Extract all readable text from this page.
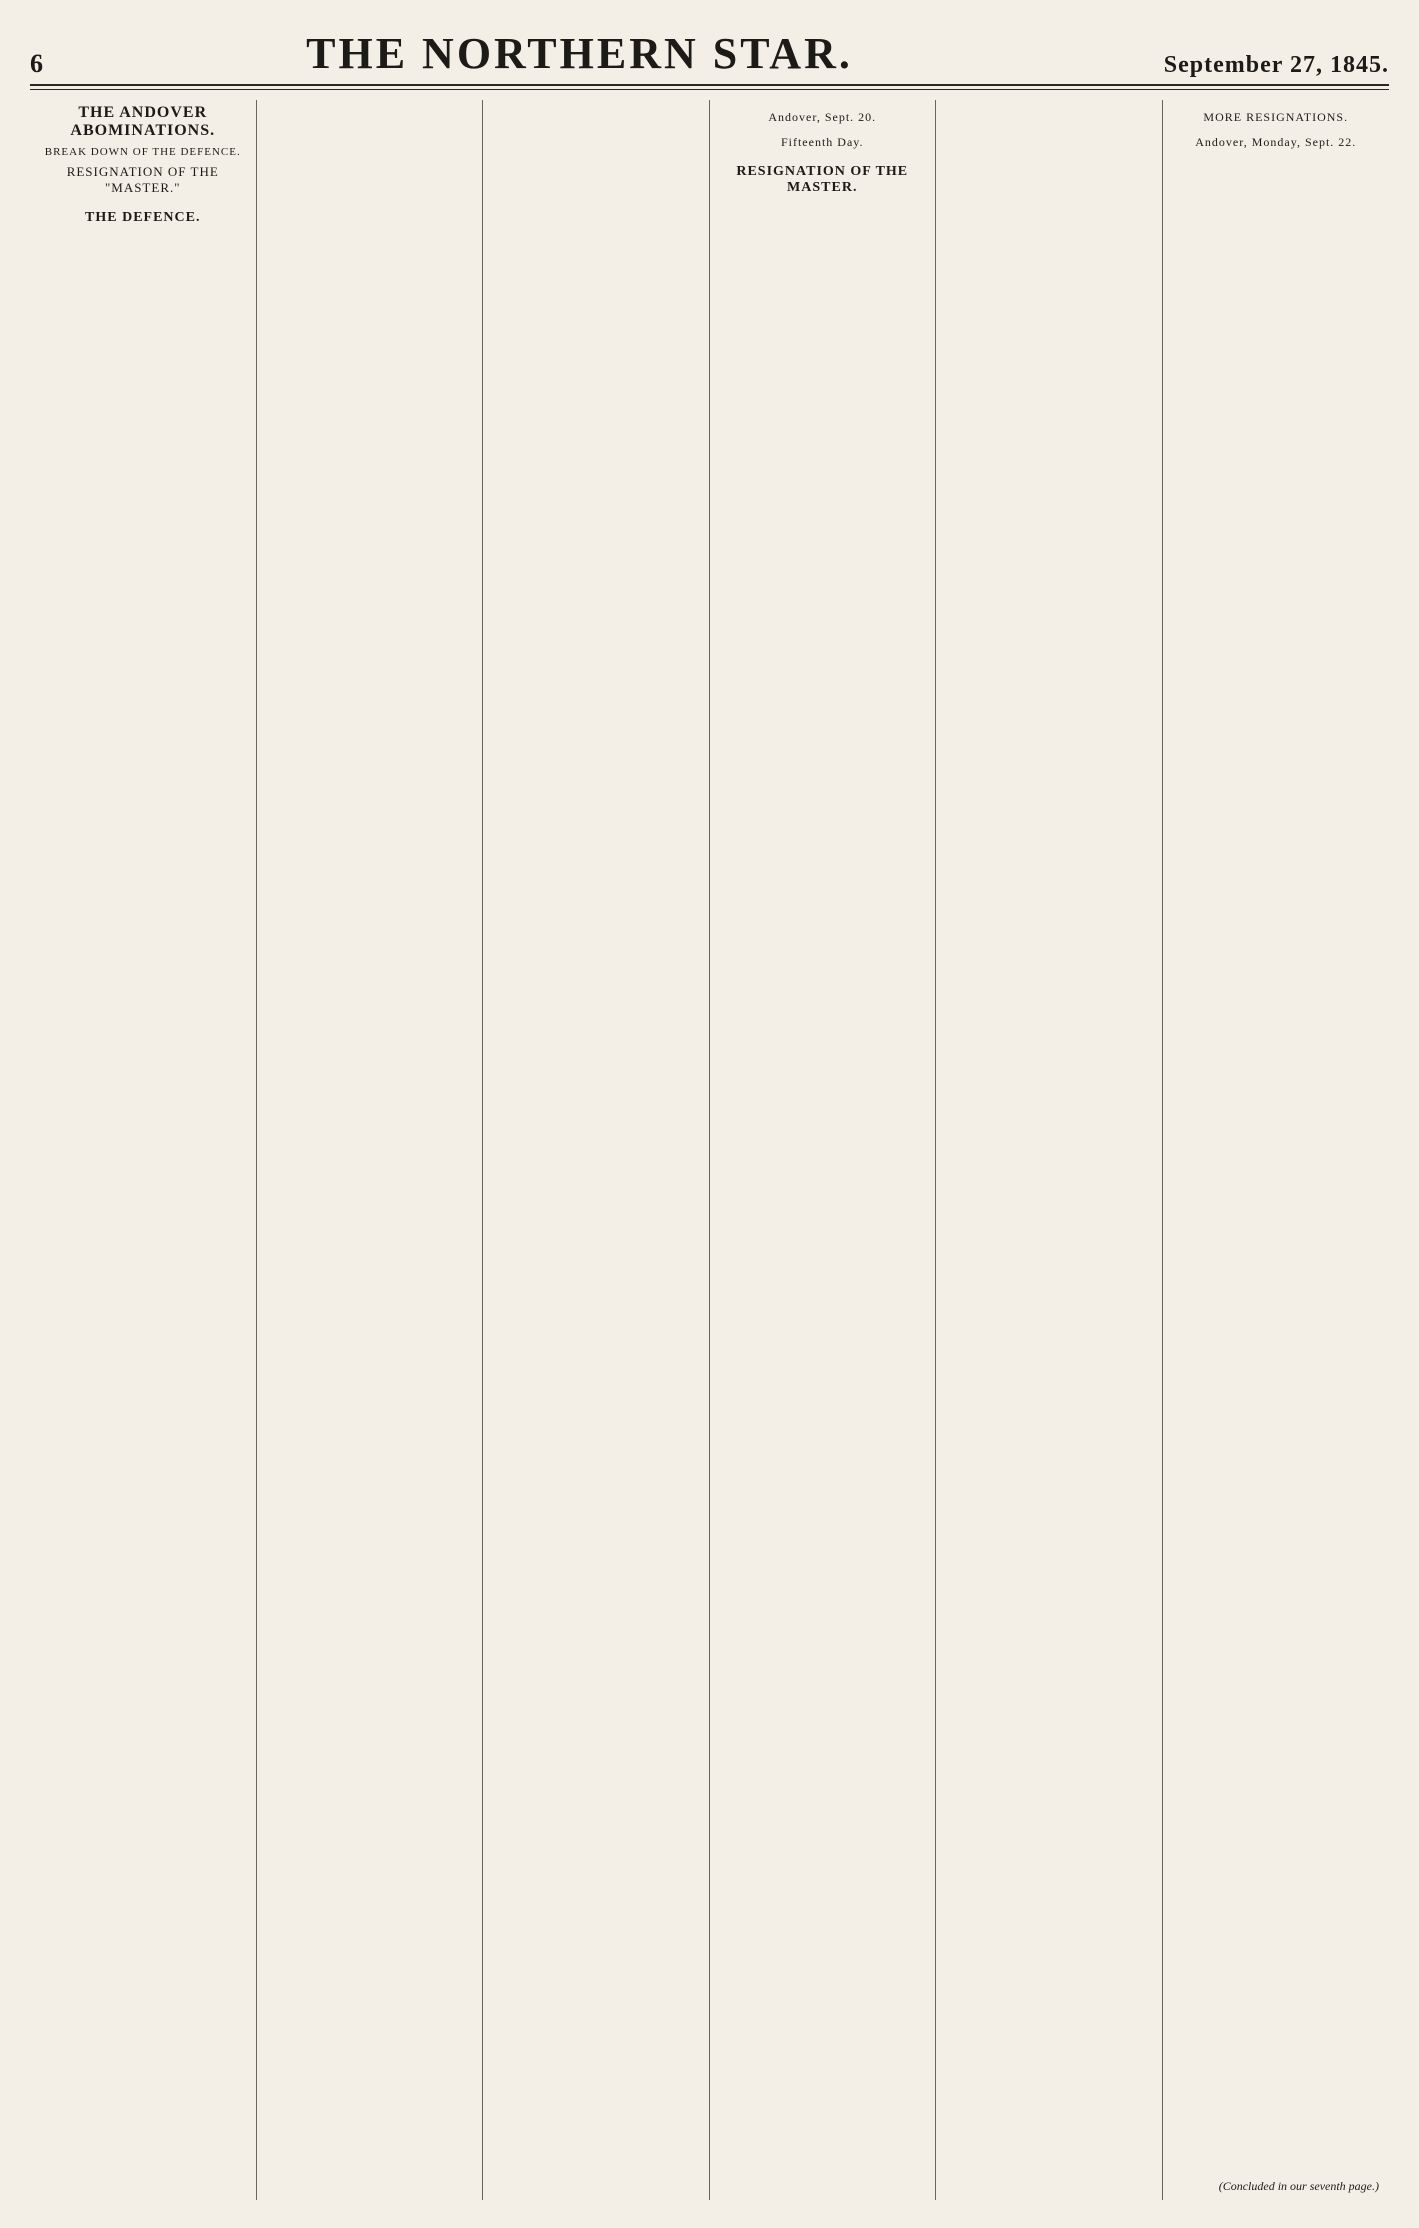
6	THE NORTHERN STAR.	September 27, 1845.
THE ANDOVER ABOMINATIONS.
BREAK DOWN OF THE DEFENCE.
RESIGNATION OF THE "MASTER."
THE DEFENCE.
Andover, Sept. 20.
Fifteenth Day.
RESIGNATION OF THE MASTER.
MORE RESIGNATIONS.
Andover, Monday, Sept. 22.
(Concluded in our seventh page.)
